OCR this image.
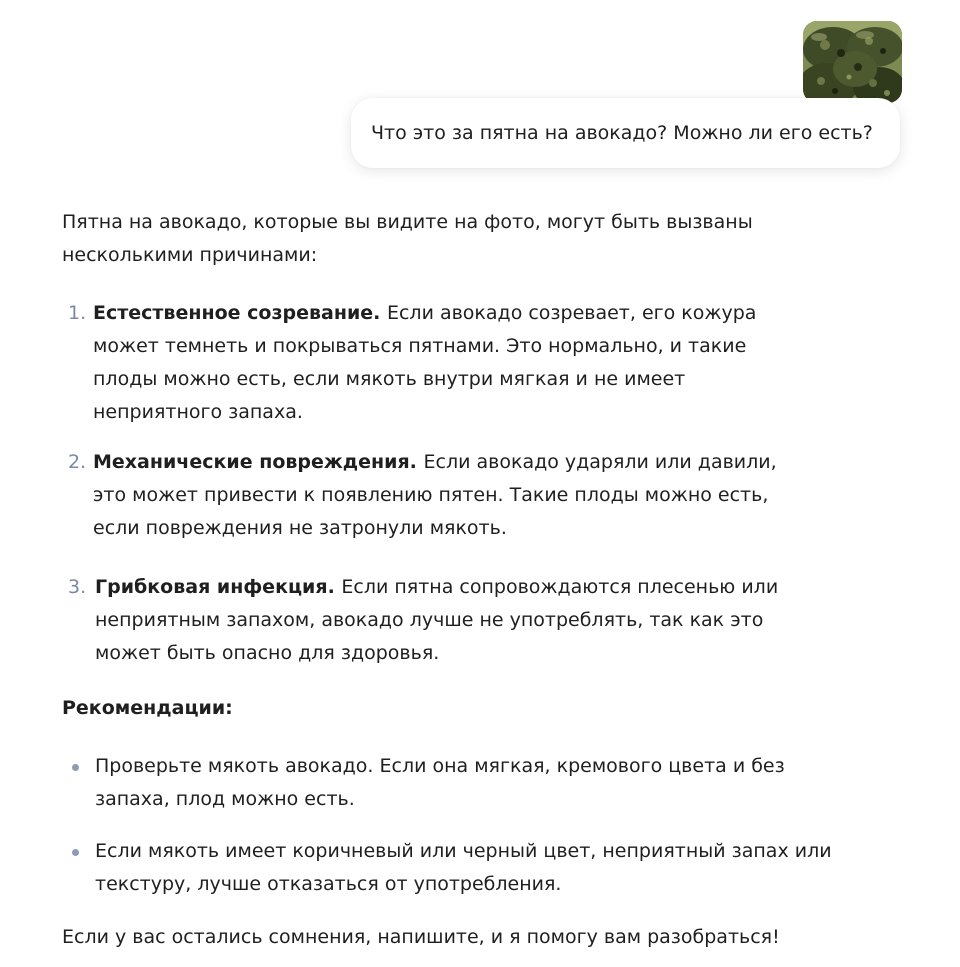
Что это за пятна на авокадо? Можно ли его есть?

Пятна на авокадо, которые вы видите на фото, могут быть вызваны несколькими причинами:

1. Естественное созревание. Если авокадо созревает, его кожура может темнеть и покрываться пятнами. Это нормально, и такие плоды можно есть, если мякоть внутри мягкая и не имеет неприятного запаха.
2. Механические повреждения. Если авокадо ударяли или давили, это может привести к появлению пятен. Такие плоды можно есть, если повреждения не затронули мякоть.
3. Грибковая инфекция. Если пятна сопровождаются плесенью или неприятным запахом, авокадо лучше не употреблять, так как это может быть опасно для здоровья.
Рекомендации:
Проверьте мякоть авокадо. Если она мягкая, кремового цвета и без запаха, плод можно есть.
Если мякоть имеет коричневый или черный цвет, неприятный запах или текстуру, лучше отказаться от употребления.

Если у вас остались сомнения, напишите, и я помогу вам разобраться!
